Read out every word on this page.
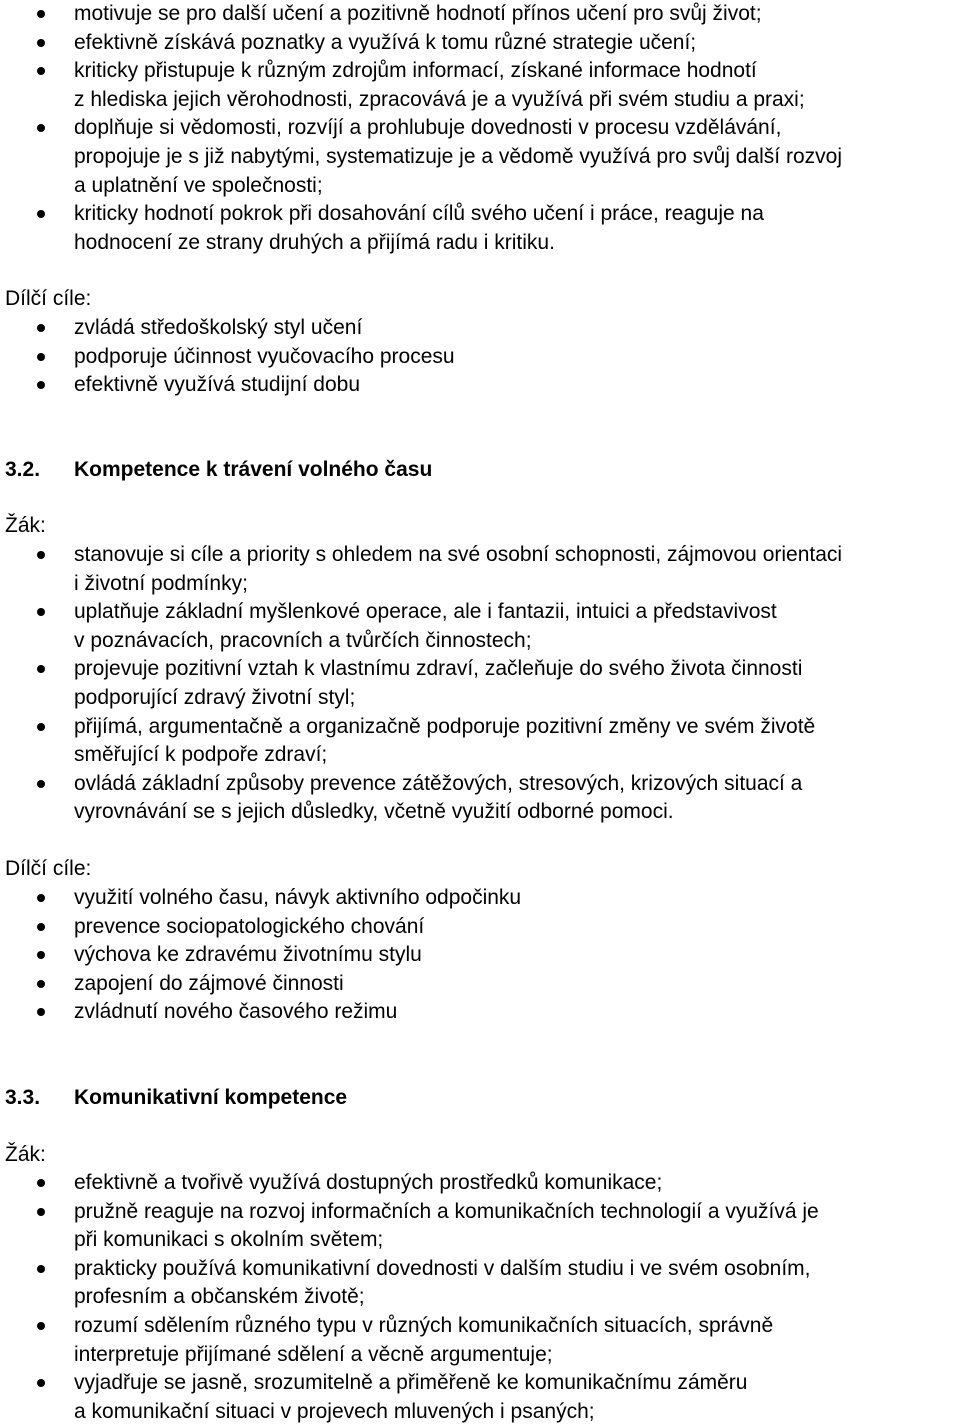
motivuje se pro další učení a pozitivně hodnotí přínos učení pro svůj život;
efektivně získává poznatky a využívá k tomu různé strategie učení;
kriticky přistupuje k různým zdrojům informací, získané informace hodnotí
z hlediska jejich věrohodnosti, zpracovává je a využívá při svém studiu a praxi;
doplňuje si vědomosti, rozvíjí a prohlubuje dovednosti v procesu vzdělávání,
propojuje je s již nabytými, systematizuje je a vědomě využívá pro svůj další rozvoj
a uplatnění ve společnosti;
kriticky hodnotí pokrok při dosahování cílů svého učení i práce, reaguje na
hodnocení ze strany druhých a přijímá radu i kritiku.
Dílčí cíle:
zvládá středoškolský styl učení
podporuje účinnost vyučovacího procesu
efektivně využívá studijní dobu
3.2. Kompetence k trávení volného času
Žák:
stanovuje si cíle a priority s ohledem na své osobní schopnosti, zájmovou orientaci
i životní podmínky;
uplatňuje základní myšlenkové operace, ale i fantazii, intuici a představivost
v poznávacích, pracovních a tvůrčích činnostech;
projevuje pozitivní vztah k vlastnímu zdraví, začleňuje do svého života činnosti
podporující zdravý životní styl;
přijímá, argumentačně a organizačně podporuje pozitivní změny ve svém životě
směřující k podpoře zdraví;
ovládá základní způsoby prevence zátěžových, stresových, krizových situací a
vyrovnávání se s jejich důsledky, včetně využití odborné pomoci.
Dílčí cíle:
využití volného času, návyk aktivního odpočinku
prevence sociopatologického chování
výchova ke zdravému životnímu stylu
zapojení do zájmové činnosti
zvládnutí nového časového režimu
3.3. Komunikativní kompetence
Žák:
efektivně a tvořivě využívá dostupných prostředků komunikace;
pružně reaguje na rozvoj informačních a komunikačních technologií a využívá je
při komunikaci s okolním světem;
prakticky používá komunikativní dovednosti v dalším studiu i ve svém osobním,
profesním a občanském životě;
rozumí sdělením různého typu v různých komunikačních situacích, správně
interpretuje přijímané sdělení a věcně argumentuje;
vyjadřuje se jasně, srozumitelně a přiměřeně ke komunikačnímu záměru
a komunikační situaci v projevech mluvených i psaných;
